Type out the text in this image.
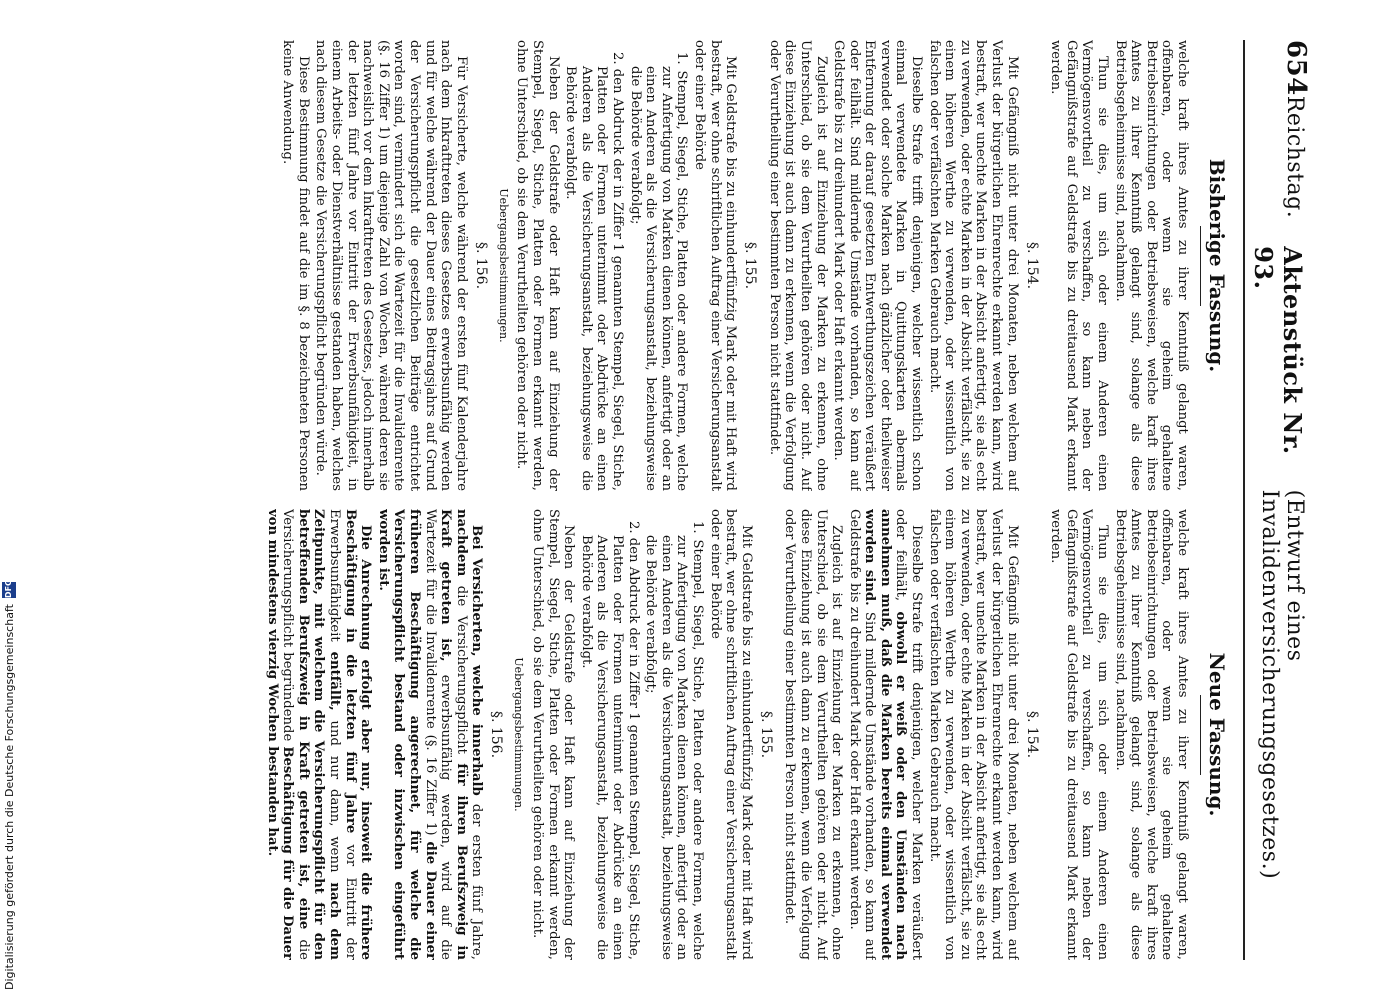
654
Reichstag.
Aktenstück Nr. 93.
(Entwurf eines Invalidenversicherungsgesetzes.)
Bisherige Fassung.

welche kraft ihres Amtes zu ihrer Kenntniß gelangt waren, offenbaren, oder wenn sie geheim gehaltene Betriebseinrichtungen oder Betriebsweisen, welche kraft ihres Amtes zu ihrer Kenntniß gelangt sind, solange als diese Betriebsgeheimnisse sind, nachahmen.

Thun sie dies, um sich oder einem Anderen einen Vermögensvortheil zu verschaffen, so kann neben der Gefängnißstrafe auf Geldstrafe bis zu dreitausend Mark erkannt werden.

§. 154.

Mit Gefängniß nicht unter drei Monaten, neben welchem auf Verlust der bürgerlichen Ehrenrechte erkannt werden kann, wird bestraft, wer unechte Marken in der Absicht anfertigt, sie als echt zu verwenden, oder echte Marken in der Absicht verfälscht, sie zu einem höheren Werthe zu verwenden, oder wissentlich von falschen oder verfälschten Marken Gebrauch macht.

Dieselbe Strafe trifft denjenigen, welcher wissentlich schon einmal verwendete Marken in Quittungskarten abermals verwendet oder solche Marken nach gänzlicher oder theilweiser Entfernung der darauf gesetzten Entwerthungszeichen veräußert oder feilhält. Sind mildernde Umstände vorhanden, so kann auf Geldstrafe bis zu dreihundert Mark oder Haft erkannt werden.

Zugleich ist auf Einziehung der Marken zu erkennen, ohne Unterschied, ob sie dem Verurtheilten gehören oder nicht. Auf diese Einziehung ist auch dann zu erkennen, wenn die Verfolgung oder Verurtheilung einer bestimmten Person nicht stattfindet.

§. 155.

Mit Geldstrafe bis zu einhundertfünfzig Mark oder mit Haft wird bestraft, wer ohne schriftlichen Auftrag einer Versicherungsanstalt oder einer Behörde

1. Stempel, Siegel, Stiche, Platten oder andere Formen, welche zur Anfertigung von Marken dienen können, anfertigt oder an einen Anderen als die Versicherungsanstalt, beziehungsweise die Behörde verabfolgt;

2. den Abdruck der in Ziffer 1 genannten Stempel, Siegel, Stiche, Platten oder Formen unternimmt oder Abdrücke an einen Anderen als die Versicherungsanstalt, beziehungsweise die Behörde verabfolgt.

Neben der Geldstrafe oder Haft kann auf Einziehung der Stempel, Siegel, Stiche, Platten oder Formen erkannt werden, ohne Unterschied, ob sie dem Verurtheilten gehören oder nicht.

Uebergangsbestimmungen.
§. 156.

Für Versicherte, welche während der ersten fünf Kalenderjahre nach dem Inkrafttreten dieses Gesetzes erwerbsunfähig werden und für welche während der Dauer eines Beitragsjahrs auf Grund der Versicherungspflicht die gesetzlichen Beiträge entrichtet worden sind, vermindert sich die Wartezeit für die Invalidenrente (§. 16 Ziffer 1) um diejenige Zahl von Wochen, während deren sie nachweislich vor dem Inkrafttreten des Gesetzes, jedoch innerhalb der letzten fünf Jahre vor Eintritt der Erwerbsunfähigkeit, in einem Arbeits- oder Dienstverhältnisse gestanden haben, welches nach diesem Gesetze die Versicherungspflicht begründen würde.

Diese Bestimmung findet auf die im §. 8 bezeichneten Personen keine Anwendung.

Neue Fassung.

welche kraft ihres Amtes zu ihrer Kenntniß gelangt waren, offenbaren, oder wenn sie geheim gehaltene Betriebseinrichtungen oder Betriebsweisen, welche kraft ihres Amtes zu ihrer Kenntniß gelangt sind, solange als diese Betriebsgeheimnisse sind, nachahmen.

Thun sie dies, um sich oder einem Anderen einen Vermögensvortheil zu verschaffen, so kann neben der Gefängnißstrafe auf Geldstrafe bis zu dreitausend Mark erkannt werden.

§. 154.

Mit Gefängniß nicht unter drei Monaten, neben welchem auf Verlust der bürgerlichen Ehrenrechte erkannt werden kann, wird bestraft, wer unechte Marken in der Absicht anfertigt, sie als echt zu verwenden, oder echte Marken in der Absicht verfälscht, sie zu einem höheren Werthe zu verwenden, oder wissentlich von falschen oder verfälschten Marken Gebrauch macht.

Dieselbe Strafe trifft denjenigen, welcher Marken veräußert oder feilhält, obwohl er weiß oder den Umständen nach annehmen muß, daß die Marken bereits einmal verwendet worden sind. Sind mildernde Umstände vorhanden, so kann auf Geldstrafe bis zu dreihundert Mark oder Haft erkannt werden.

Zugleich ist auf Einziehung der Marken zu erkennen, ohne Unterschied, ob sie dem Verurtheilten gehören oder nicht. Auf diese Einziehung ist auch dann zu erkennen, wenn die Verfolgung oder Verurtheilung einer bestimmten Person nicht stattfindet.

§. 155.

Mit Geldstrafe bis zu einhundertfünfzig Mark oder mit Haft wird bestraft, wer ohne schriftlichen Auftrag einer Versicherungsanstalt oder einer Behörde

1. Stempel, Siegel, Stiche, Platten oder andere Formen, welche zur Anfertigung von Marken dienen können, anfertigt oder an einen Anderen als die Versicherungsanstalt, beziehungsweise die Behörde verabfolgt;

2. den Abdruck der in Ziffer 1 genannten Stempel, Siegel, Stiche, Platten oder Formen unternimmt oder Abdrücke an einen Anderen als die Versicherungsanstalt, beziehungsweise die Behörde verabfolgt.

Neben der Geldstrafe oder Haft kann auf Einziehung der Stempel, Siegel, Stiche, Platten oder Formen erkannt werden, ohne Unterschied, ob sie dem Verurtheilten gehören oder nicht.

Uebergangsbestimmungen.
§. 156.

Bei Versicherten, welche innerhalb der ersten fünf Jahre, nachdem die Versicherungspflicht für ihren Berufszweig in Kraft getreten ist, erwerbsunfähig werden, wird auf die Wartezeit für die Invalidenrente (§. 16 Ziffer 1) die Dauer einer früheren Beschäftigung angerechnet, für welche die Versicherungspflicht bestand oder inzwischen eingeführt worden ist.

Die Anrechnung erfolgt aber nur, insoweit die frühere Beschäftigung in die letzten fünf Jahre vor Eintritt der Erwerbsunfähigkeit entfällt, und nur dann, wenn nach dem Zeitpunkte, mit welchem die Versicherungspflicht für den betreffenden Berufszweig in Kraft getreten ist, eine die Versicherungspflicht begründende Beschäftigung für die Dauer von mindestens vierzig Wochen bestanden hat.

Digitalisierung gefördert durch die Deutsche Forschungsgemeinschaft
DFG
